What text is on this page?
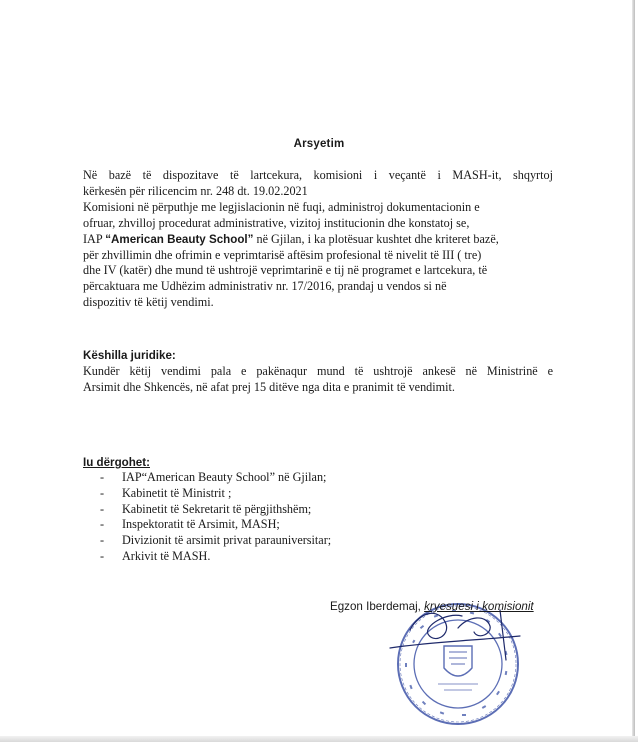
Arsyetim
Në bazë të dispozitave të lartcekura, komisioni i veçantë i MASH-it, shqyrtoj
kërkesën për rilicencim nr. 248 dt. 19.02.2021
Komisioni në përputhje me legjislacionin në fuqi, administroj dokumentacionin e
ofruar, zhvilloj procedurat administrative, vizitoj institucionin dhe konstatoj se,
IAP “American Beauty School” në Gjilan, i ka plotësuar kushtet dhe kriteret bazë,
për zhvillimin dhe ofrimin e veprimtarisë aftësim profesional të nivelit të III ( tre)
dhe IV (katër) dhe mund të ushtrojë veprimtarinë e tij në programet e lartcekura, të
përcaktuara me Udhëzim administrativ nr. 17/2016, prandaj u vendos si në
dispozitiv të këtij vendimi.
Këshilla juridike:
Kundër këtij vendimi pala e pakënaqur mund të ushtrojë ankesë në Ministrinë e
Arsimit dhe Shkencës, në afat prej 15 ditëve nga dita e pranimit të vendimit.
Iu dërgohet:
- IAP“American Beauty School” në Gjilan;
- Kabinetit të Ministrit ;
- Kabinetit të Sekretarit të përgjithshëm;
- Inspektoratit të Arsimit, MASH;
- Divizionit të arsimit privat parauniversitar;
- Arkivit të MASH.
Egzon Iberdemaj, kryesuesi i komisionit
